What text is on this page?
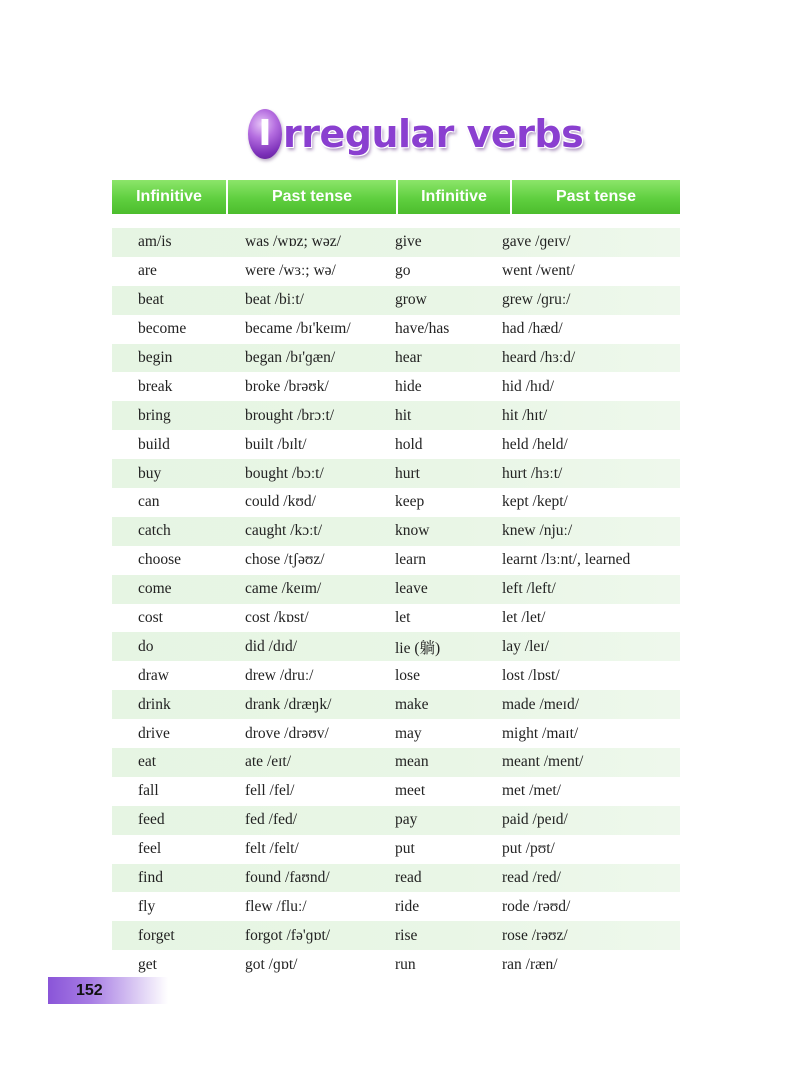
I rregular verbs
Infinitive	Past tense	Infinitive	Past tense
am/is	was /wɒz; wəz/	give	gave /ɡeɪv/
are	were /wɜː; wə/	go	went /went/
beat	beat /biːt/	grow	grew /ɡruː/
become	became /bɪ'keɪm/	have/has	had /hæd/
begin	began /bɪ'ɡæn/	hear	heard /hɜːd/
break	broke /brəʊk/	hide	hid /hɪd/
bring	brought /brɔːt/	hit	hit /hɪt/
build	built /bɪlt/	hold	held /held/
buy	bought /bɔːt/	hurt	hurt /hɜːt/
can	could /kʊd/	keep	kept /kept/
catch	caught /kɔːt/	know	knew /njuː/
choose	chose /tʃəʊz/	learn	learnt /lɜːnt/, learned
come	came /keɪm/	leave	left /left/
cost	cost /kɒst/	let	let /let/
do	did /dɪd/	lie (躺)	lay /leɪ/
draw	drew /druː/	lose	lost /lɒst/
drink	drank /dræŋk/	make	made /meɪd/
drive	drove /drəʊv/	may	might /maɪt/
eat	ate /eɪt/	mean	meant /ment/
fall	fell /fel/	meet	met /met/
feed	fed /fed/	pay	paid /peɪd/
feel	felt /felt/	put	put /pʊt/
find	found /faʊnd/	read	read /red/
fly	flew /fluː/	ride	rode /rəʊd/
forget	forgot /fə'ɡɒt/	rise	rose /rəʊz/
get	got /ɡɒt/	run	ran /ræn/
152
